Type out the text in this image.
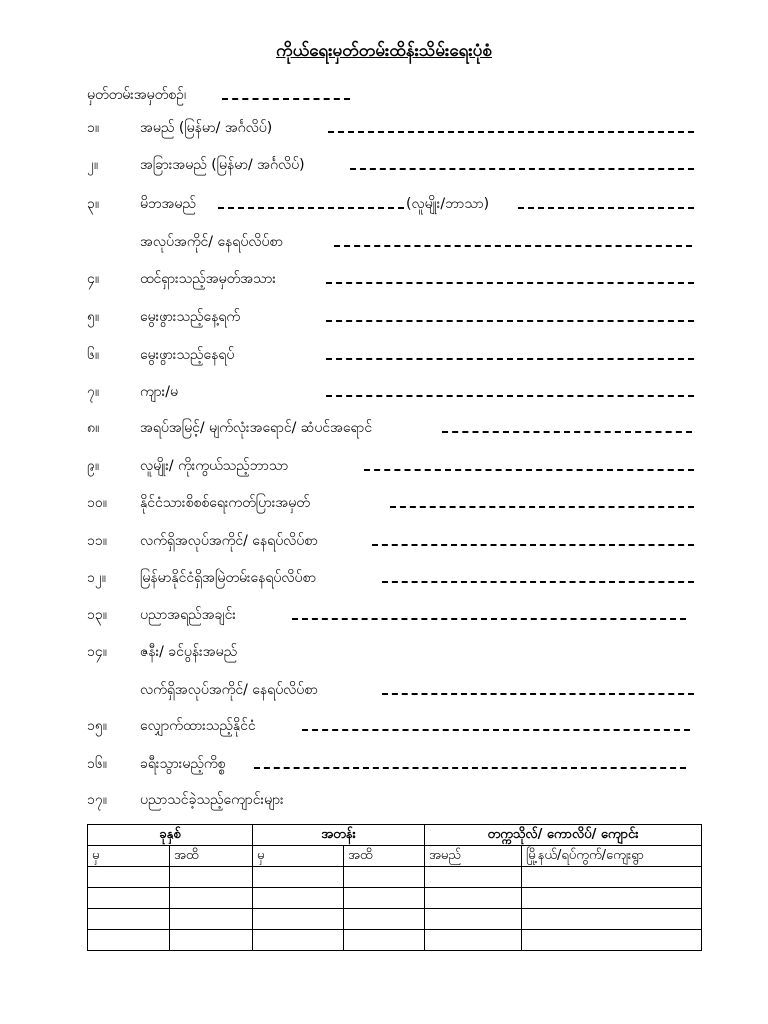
ကိုယ်ရေးမှတ်တမ်းထိန်းသိမ်းရေးပုံစံ
မှတ်တမ်းအမှတ်စဉ်၊
၁။	အမည် (မြန်မာ/ အင်္ဂလိပ်)
၂။	အခြားအမည် (မြန်မာ/ အင်္ဂလိပ်)
၃။	မိဘအမည်	(လူမျိုး/ဘာသာ)
အလုပ်အကိုင်/ နေရပ်လိပ်စာ
၄။	ထင်ရှားသည့်အမှတ်အသား
၅။	မွေးဖွားသည့်နေ့ရက်
၆။	မွေးဖွားသည့်နေရပ်
၇။	ကျား/မ
၈။	အရပ်အမြင့်/ မျက်လုံးအရောင်/ ဆံပင်အရောင်
၉။	လူမျိုး/ ကိုးကွယ်သည့်ဘာသာ
၁၀။ နိုင်ငံသားစိစစ်ရေးကတ်ပြားအမှတ်
၁၁။ လက်ရှိအလုပ်အကိုင်/ နေရပ်လိပ်စာ
၁၂။ မြန်မာနိုင်ငံရှိအမြဲတမ်းနေရပ်လိပ်စာ
၁၃။ ပညာအရည်အချင်း
၁၄။ ဇနီး/ ခင်ပွန်းအမည်
လက်ရှိအလုပ်အကိုင်/ နေရပ်လိပ်စာ
၁၅။ လျှောက်ထားသည့်နိုင်ငံ
၁၆။ ခရီးသွားမည့်ကိစ္စ
၁၇။ ပညာသင်ခဲ့သည့်ကျောင်းများ
ခုနှစ်		အတန်း		တက္ကသိုလ်/ ကောလိပ်/ ကျောင်း	
မှ	အထိ	မှ	အထိ	အမည်	မြို့နယ်/ရပ်ကွက်/ကျေးရွာ
